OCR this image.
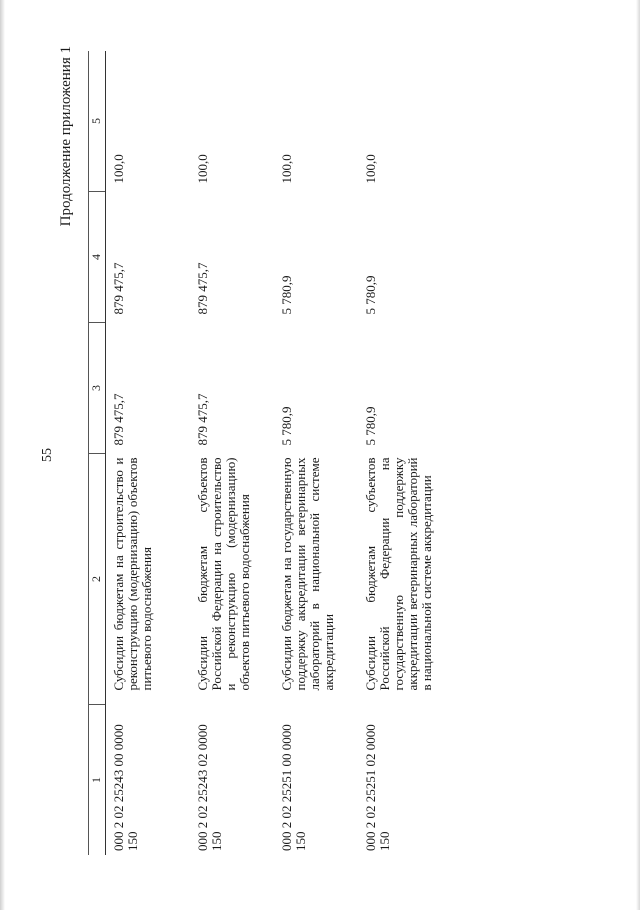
55
Продолжение приложения 1
1	2	3	4	5
000 2 02 25243 00 0000 150	Субсидии бюджетам на строительство и реконструкцию (модернизацию) объектов питьевого водоснабжения	879 475,7	879 475,7	100,0
000 2 02 25243 02 0000 150	Субсидии бюджетам субъектов Российской Федерации на строительство и реконструкцию (модернизацию) объектов питьевого водоснабжения	879 475,7	879 475,7	100,0
000 2 02 25251 00 0000 150	Субсидии бюджетам на государственную поддержку аккредитации ветеринарных лабораторий в национальной системе аккредитации	5 780,9	5 780,9	100,0
000 2 02 25251 02 0000 150	Субсидии бюджетам субъектов Российской Федерации на государственную поддержку аккредитации ветеринарных лабораторий в национальной системе аккредитации	5 780,9	5 780,9	100,0
